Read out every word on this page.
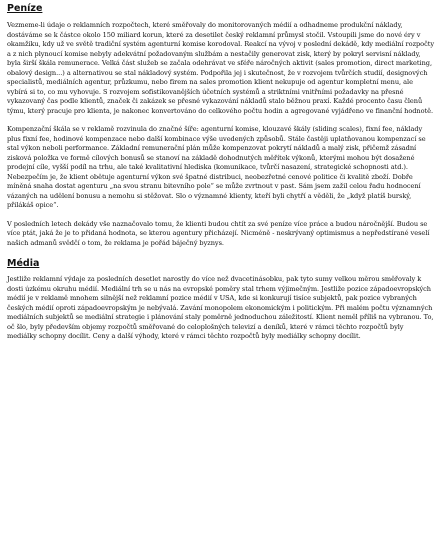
Peníze

Vezmeme-li údaje o reklamních rozpočtech, které směřovaly do monitorovaných médií a odhadneme produkční náklady, dostáváme se k částce okolo 150 miliard korun, které za desetilet český reklamní průmysl stočil. Vstoupili jsme do nové éry v okamžiku, kdy už ve světě tradiční systém agenturní komise korodoval. Reakcí na vývoj v poslední dekádě, kdy mediální rozpočty a z nich plynoucí komise nebyly adekvátní požadovaným službám a nestačily generovat zisk, který by pokryl servisní náklady, byla širší škála remunerace. Velká část služeb se začala odehrávat ve sféře náročných aktivit (sales promotion, direct marketing, obalový design...) a alternativou se stal nákladový systém. Podpořila jej i skutečnost, že v rozvojem tvůrčích studií, designových specialistů, mediálních agentur, průzkumu, nebo firem na sales promotion klient nekupuje od agentur kompletní menu, ale vybírá si to, co mu vyhovuje. S rozvojem sofistikovanějších účetních systémů a striktními vnitřními požadavky na přesné vykazovaný čas podle klientů, značek či zakázek se přesné vykazování nákladů stalo běžnou praxí. Každé procento času členů týmu, který pracuje pro klienta, je nakonec konvertováno do celkového počtu hodin a agregované vyjádřeno ve finanční hodnotě.

Kompenzační škála se v reklamě rozvinula do značné šíře: agenturní komise, klouzavé škály (sliding scales), fixní fee, náklady plus fixní fee, hodinové kompenzace nebo další kombinace výše uvedených způsobů. Stále častěji uplatňovanou kompenzací se stal výkon neboli performance. Základní remunerační plán může kompenzovat pokrytí nákladů a malý zisk, přičemž zásadní zisková položka ve formě cílových bonusů se stanoví na základě dohodnutých měřítek výkonů, kterými mohou být dosažené prodejní cíle, vyšší podíl na trhu, ale také kvalitativní hlediska (komunikace, tvůrčí nasazení, strategické schopnosti atd.). Nebezpečím je, že klient obětuje agenturní výkon své špatné distribuci, neobezřetné cenové politice či kvalitě zboží. Dobře míněná snaha dostat agenturu „na svou stranu bitevního pole“ se může zvrtnout v past. Sám jsem zažil celou řadu hodnocení vázaných na udělení bonusu a nemohu si stěžovat. Slo o významné klienty, kteří byli chytří a věděli, že „když platíš burský, přilákáš opice“.

V posledních letech dekády vše naznačovalo tomu, že klienti budou chtít za své peníze více práce a budou náročnější. Budou se více ptát, jaká že je to přidaná hodnota, se kterou agentury přicházejí. Nicméně - neskrývaný optimismus a nepředstírané veselí našich admanů svědčí o tom, že reklama je pořád báječný byznys.

Média

Jestliže reklamní výdaje za posledních desetlet narostly do více než dvacetinásobku, pak tyto sumy velkou měrou směřovaly k dosti úzkému okruhu médií. Mediální trh se u nás na evropské poměry stal trhem výjimečným. Jestliže pozice západoevropských médií je v reklamě mnohem silnější než reklamní pozice médií v USA, kde si konkurují tisíce subjektů, pak pozice vybraných českých médií oproti západoevropským je nebývalá. Zavání monopolem ekonomickým i politickým. Při malém počtu významných mediálních subjektů se mediální strategie i plánování staly poměrně jednoduchou záležitostí. Klient neměl příliš na vybranou. To, oč šlo, byly především objemy rozpočtů směřované do celoplošných televizí a deníků, které v rámci těchto rozpočtů byly mediálky schopny docílit. Ceny a další výhody, které v rámci těchto rozpočtů byly mediálky schopny docílit.
